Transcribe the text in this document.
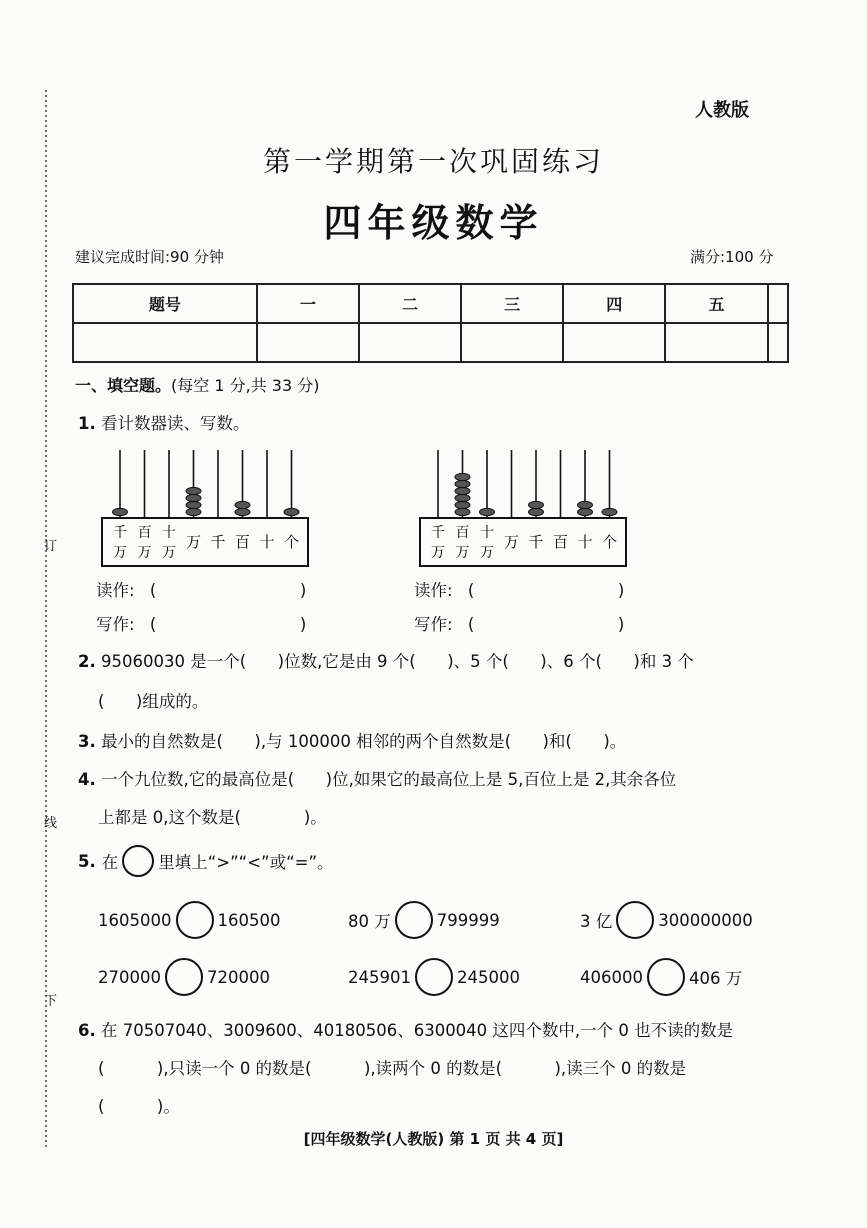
订
线
下
人教版
第一学期第一次巩固练习
四年级数学
建议完成时间:90 分钟	满分:100 分
题号	一	二	三	四	五	

一、填空题。(每空 1 分,共 33 分)
1. 看计数器读、写数。
千
万
百
万
十
万
万 千 百 十 个	千
万
百
万
十
万
万 千 百 十 个
读作: (	)
写作: (	)
读作: (	)
写作: (	)
2. 95060030 是一个(      )位数,它是由 9 个(      )、5 个(      )、6 个(      )和 3 个
(      )组成的。
3. 最小的自然数是(      ),与 100000 相邻的两个自然数是(      )和(      )。
4. 一个九位数,它的最高位是(      )位,如果它的最高位上是 5,百位上是 2,其余各位
上都是 0,这个数是(            )。
5. 在 里填上“>”“<”或“=”。
1605000	160500	80 万	799999	3 亿	300000000
270000	720000	245901	245000	406000	406 万
6. 在 70507040、3009600、40180506、6300040 这四个数中,一个 0 也不读的数是
(          ),只读一个 0 的数是(          ),读两个 0 的数是(          ),读三个 0 的数是
(          )。
[四年级数学(人教版) 第 1 页 共 4 页]
